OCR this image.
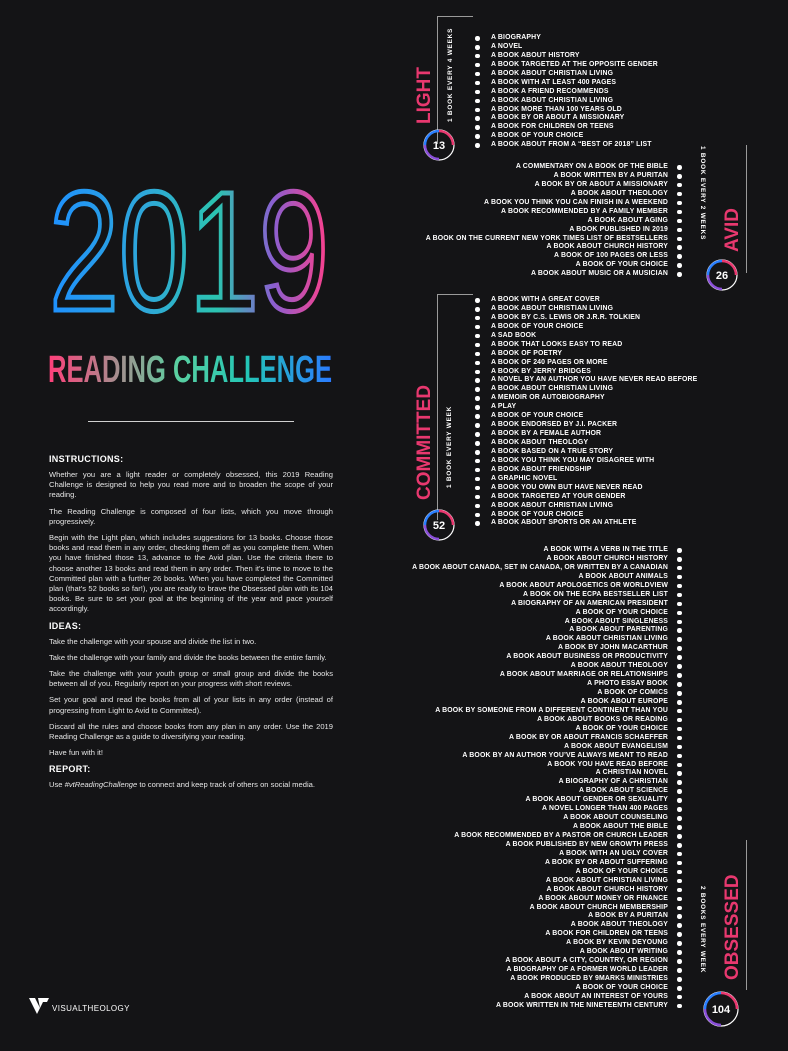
2019
READING CHALLENGE
INSTRUCTIONS:

Whether you are a light reader or completely obsessed, this 2019 Reading Challenge is designed to help you read more and to broaden the scope of your reading.

The Reading Challenge is composed of four lists, which you move through progressively.

Begin with the Light plan, which includes suggestions for 13 books. Choose those books and read them in any order, checking them off as you complete them. When you have finished those 13, advance to the Avid plan. Use the criteria there to choose another 13 books and read them in any order. Then it's time to move to the Committed plan with a further 26 books. When you have completed the Committed plan (that's 52 books so far!), you are ready to brave the Obsessed plan with its 104 books. Be sure to set your goal at the beginning of the year and pace yourself accordingly.

IDEAS:

Take the challenge with your spouse and divide the list in two.

Take the challenge with your family and divide the books between the entire family.

Take the challenge with your youth group or small group and divide the books between all of you. Regularly report on your progress with short reviews.

Set your goal and read the books from all of your lists in any order (instead of progressing from Light to Avid to Committed).

Discard all the rules and choose books from any plan in any order. Use the 2019 Reading Challenge as a guide to diversifying your reading.

Have fun with it!

REPORT:

Use #vtReadingChallenge to connect and keep track of others on social media.

VISUALTHEOLOGY
LIGHT 1 BOOK EVERY 4 WEEKS
13
A BIOGRAPHY
A NOVEL
A BOOK ABOUT HISTORY
A BOOK TARGETED AT THE OPPOSITE GENDER
A BOOK ABOUT CHRISTIAN LIVING
A BOOK WITH AT LEAST 400 PAGES
A BOOK A FRIEND RECOMMENDS
A BOOK ABOUT CHRISTIAN LIVING
A BOOK MORE THAN 100 YEARS OLD
A BOOK BY OR ABOUT A MISSIONARY
A BOOK FOR CHILDREN OR TEENS
A BOOK OF YOUR CHOICE
A BOOK ABOUT FROM A “BEST OF 2018” LIST
AVID
1 BOOK EVERY 2 WEEKS
26
A COMMENTARY ON A BOOK OF THE BIBLE
A BOOK WRITTEN BY A PURITAN
A BOOK BY OR ABOUT A MISSIONARY
A BOOK ABOUT THEOLOGY
A BOOK YOU THINK YOU CAN FINISH IN A WEEKEND
A BOOK RECOMMENDED BY A FAMILY MEMBER
A BOOK ABOUT AGING
A BOOK PUBLISHED IN 2019
A BOOK ON THE CURRENT NEW YORK TIMES LIST OF BESTSELLERS
A BOOK ABOUT CHURCH HISTORY
A BOOK OF 100 PAGES OR LESS
A BOOK OF YOUR CHOICE
A BOOK ABOUT MUSIC OR A MUSICIAN
COMMITTED 1 BOOK EVERY WEEK
52
A BOOK WITH A GREAT COVER
A BOOK ABOUT CHRISTIAN LIVING
A BOOK BY C.S. LEWIS OR J.R.R. TOLKIEN
A BOOK OF YOUR CHOICE
A SAD BOOK
A BOOK THAT LOOKS EASY TO READ
A BOOK OF POETRY
A BOOK OF 240 PAGES OR MORE
A BOOK BY JERRY BRIDGES
A NOVEL BY AN AUTHOR YOU HAVE NEVER READ BEFORE
A BOOK ABOUT CHRISTIAN LIVING
A MEMOIR OR AUTOBIOGRAPHY
A PLAY
A BOOK OF YOUR CHOICE
A BOOK ENDORSED BY J.I. PACKER
A BOOK BY A FEMALE AUTHOR
A BOOK ABOUT THEOLOGY
A BOOK BASED ON A TRUE STORY
A BOOK YOU THINK YOU MAY DISAGREE WITH
A BOOK ABOUT FRIENDSHIP
A GRAPHIC NOVEL
A BOOK YOU OWN BUT HAVE NEVER READ
A BOOK TARGETED AT YOUR GENDER
A BOOK ABOUT CHRISTIAN LIVING
A BOOK OF YOUR CHOICE
A BOOK ABOUT SPORTS OR AN ATHLETE
OBSESSED
2 BOOKS EVERY WEEK
104
A BOOK WITH A VERB IN THE TITLE
A BOOK ABOUT CHURCH HISTORY
A BOOK ABOUT CANADA, SET IN CANADA, OR WRITTEN BY A CANADIAN
A BOOK ABOUT ANIMALS
A BOOK ABOUT APOLOGETICS OR WORLDVIEW
A BOOK ON THE ECPA BESTSELLER LIST
A BIOGRAPHY OF AN AMERICAN PRESIDENT
A BOOK OF YOUR CHOICE
A BOOK ABOUT SINGLENESS
A BOOK ABOUT PARENTING
A BOOK ABOUT CHRISTIAN LIVING
A BOOK BY JOHN MACARTHUR
A BOOK ABOUT BUSINESS OR PRODUCTIVITY
A BOOK ABOUT THEOLOGY
A BOOK ABOUT MARRIAGE OR RELATIONSHIPS
A PHOTO ESSAY BOOK
A BOOK OF COMICS
A BOOK ABOUT EUROPE
A BOOK BY SOMEONE FROM A DIFFERENT CONTINENT THAN YOU
A BOOK ABOUT BOOKS OR READING
A BOOK OF YOUR CHOICE
A BOOK BY OR ABOUT FRANCIS SCHAEFFER
A BOOK ABOUT EVANGELISM
A BOOK BY AN AUTHOR YOU’VE ALWAYS MEANT TO READ
A BOOK YOU HAVE READ BEFORE
A CHRISTIAN NOVEL
A BIOGRAPHY OF A CHRISTIAN
A BOOK ABOUT SCIENCE
A BOOK ABOUT GENDER OR SEXUALITY
A NOVEL LONGER THAN 400 PAGES
A BOOK ABOUT COUNSELING
A BOOK ABOUT THE BIBLE
A BOOK RECOMMENDED BY A PASTOR OR CHURCH LEADER
A BOOK PUBLISHED BY NEW GROWTH PRESS
A BOOK WITH AN UGLY COVER
A BOOK BY OR ABOUT SUFFERING
A BOOK OF YOUR CHOICE
A BOOK ABOUT CHRISTIAN LIVING
A BOOK ABOUT CHURCH HISTORY
A BOOK ABOUT MONEY OR FINANCE
A BOOK ABOUT CHURCH MEMBERSHIP
A BOOK BY A PURITAN
A BOOK ABOUT THEOLOGY
A BOOK FOR CHILDREN OR TEENS
A BOOK BY KEVIN DEYOUNG
A BOOK ABOUT WRITING
A BOOK ABOUT A CITY, COUNTRY, OR REGION
A BIOGRAPHY OF A FORMER WORLD LEADER
A BOOK PRODUCED BY 9MARKS MINISTRIES
A BOOK OF YOUR CHOICE
A BOOK ABOUT AN INTEREST OF YOURS
A BOOK WRITTEN IN THE NINETEENTH CENTURY
